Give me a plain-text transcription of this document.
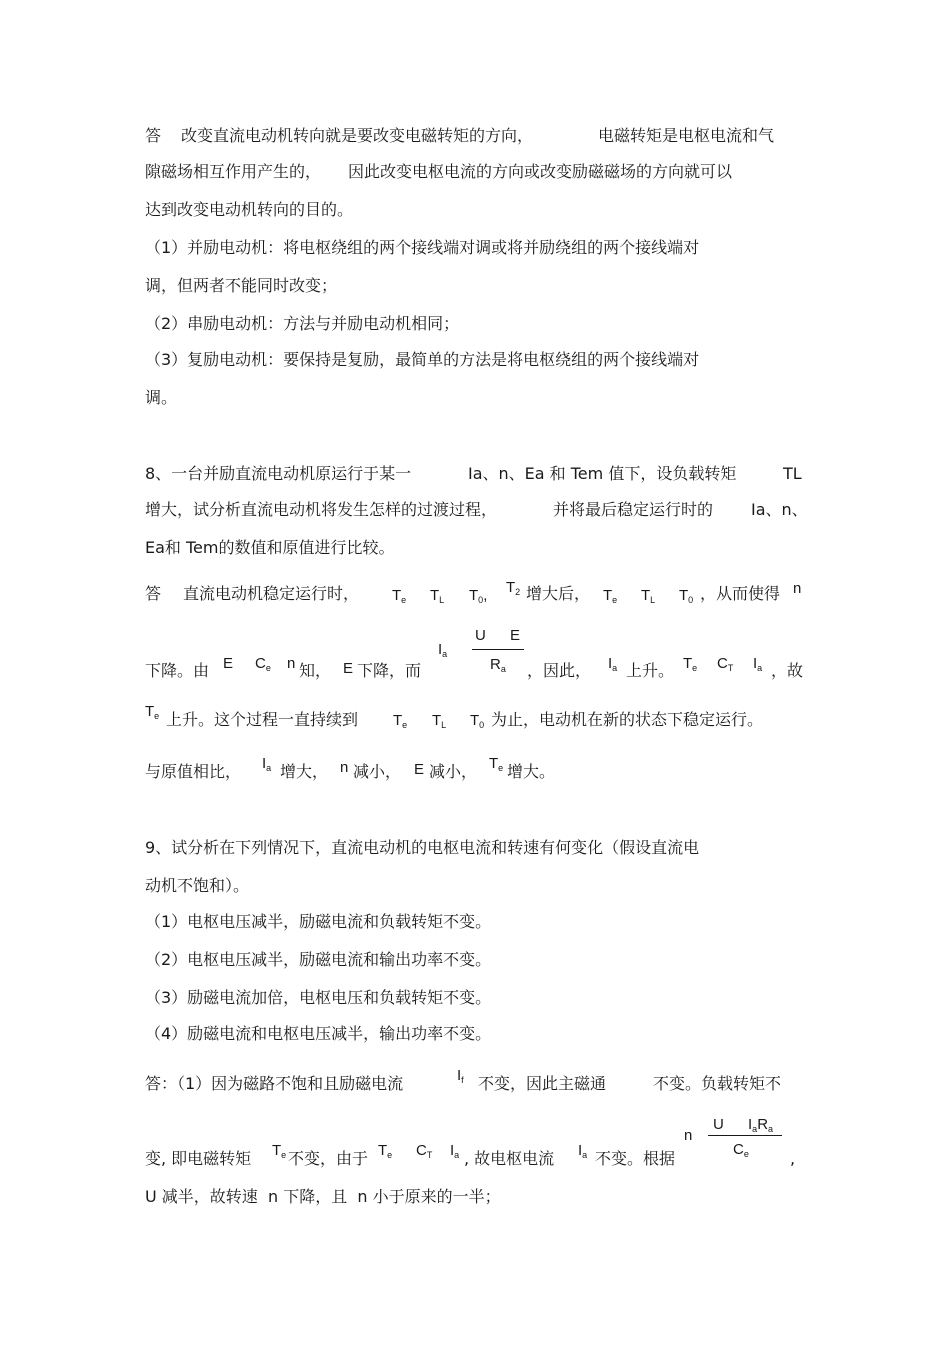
答 改变直流电动机转向就是要改变电磁转矩的方向，	电磁转矩是电枢电流和气
隙磁场相互作用产生的， 因此改变电枢电流的方向或改变励磁磁场的方向就可以
达到改变电动机转向的目的。
（1）并励电动机：将电枢绕组的两个接线端对调或将并励绕组的两个接线端对
调，但两者不能同时改变；
（2）串励电动机：方法与并励电动机相同；
（3）复励电动机：要保持是复励，最简单的方法是将电枢绕组的两个接线端对
调。
8、一台并励直流电动机原运行于某一	Ia、n、Ea 和 Tem 值下，设负载转矩	TL
增大，试分析直流电动机将发生怎样的过渡过程，	并将最后稳定运行时的 Ia、n、
Ea和 Tem的数值和原值进行比较。
答 直流电动机稳定运行时， $T_e$ $T_L$ $T_0$, $T_2$ 增大后， $T_e$ $T_L$ $T_0$ ，从而使得 n
下降。由 E $C_e$ n 知， E 下降，而
$I_a$
U E
$R_a$ ，因此， $I_a$ 上升。 $T_e$ $C_T$ $I_a$ ，故
$T_e$ 上升。这个过程一直持续到 $T_e$ $T_L$ $T_0$ 为止，电动机在新的状态下稳定运行。
与原值相比， $I_a$ 增大， n 减小， E 减小， $T_e$ 增大。
9、试分析在下列情况下，直流电动机的电枢电流和转速有何变化（假设直流电
动机不饱和）。
（1）电枢电压减半，励磁电流和负载转矩不变。
（2）电枢电压减半，励磁电流和输出功率不变。
（3）励磁电流加倍，电枢电压和负载转矩不变。
（4）励磁电流和电枢电压减半，输出功率不变。
答：（1）因为磁路不饱和且励磁电流	$I_f$ 不变，因此主磁通	不变。负载转矩不
变, 即电磁转矩 $T_e$ 不变，由于 $T_e$ $C_T$ $I_a$ , 故电枢电流 $I_a$ 不变。根据
n
U $I_aR_a$
$C_e$	,
U 减半，故转速  n 下降，且  n 小于原来的一半；
